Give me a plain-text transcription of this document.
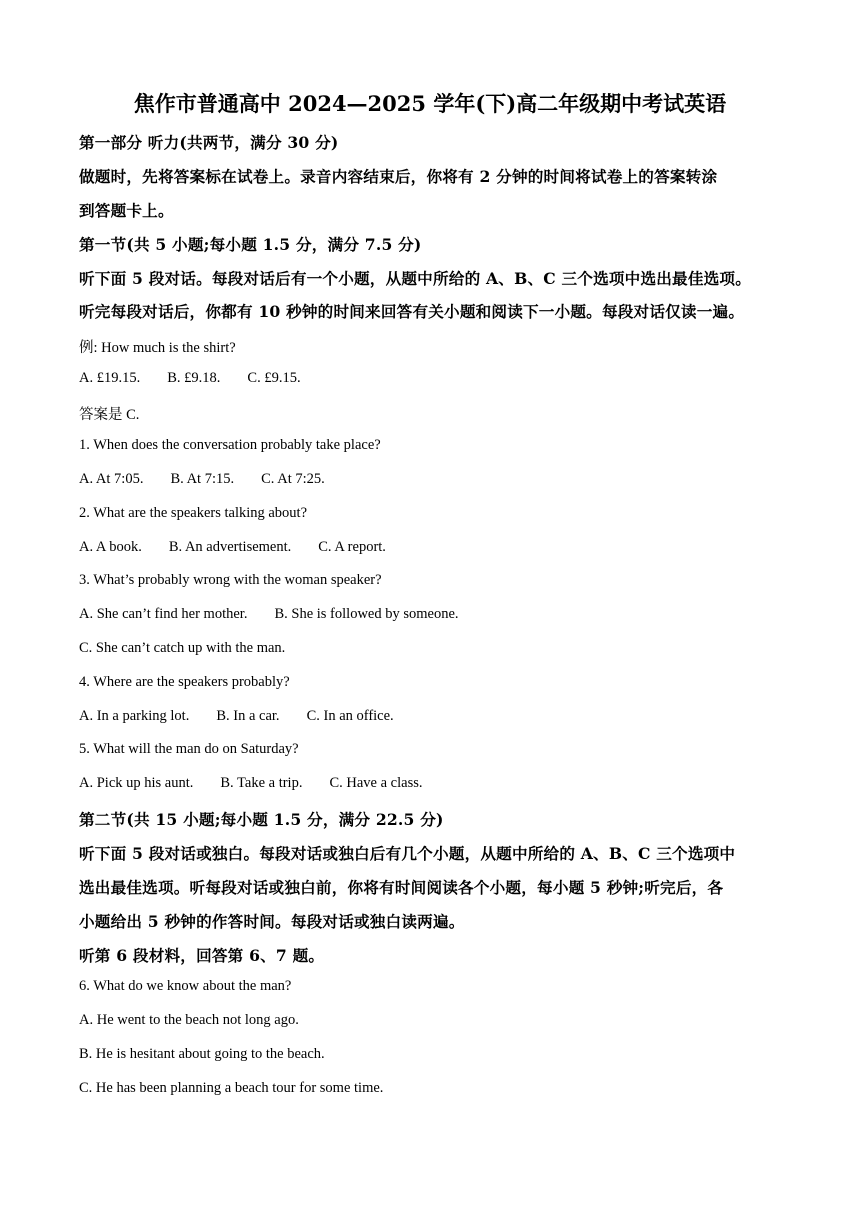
焦作市普通高中 2024—2025 学年(下)高二年级期中考试英语
第一部分 听力(共两节，满分 30 分)
做题时，先将答案标在试卷上。录音内容结束后，你将有 2 分钟的时间将试卷上的答案转涂
到答题卡上。
第一节(共 5 小题;每小题 1.5 分，满分 7.5 分)
听下面 5 段对话。每段对话后有一个小题，从题中所给的 A、B、C 三个选项中选出最佳选项。
听完每段对话后，你都有 10 秒钟的时间来回答有关小题和阅读下一小题。每段对话仅读一遍。
例: How much is the shirt?
A. £19.15. B. £9.18. C. £9.15.
答案是 C.
1. When does the conversation probably take place?
A. At 7:05. B. At 7:15. C. At 7:25.
2. What are the speakers talking about?
A. A book. B. An advertisement. C. A report.
3. What’s probably wrong with the woman speaker?
A. She can’t find her mother. B. She is followed by someone.
C. She can’t catch up with the man.
4. Where are the speakers probably?
A. In a parking lot. B. In a car. C. In an office.
5. What will the man do on Saturday?
A. Pick up his aunt. B. Take a trip. C. Have a class.
第二节(共 15 小题;每小题 1.5 分，满分 22.5 分)
听下面 5 段对话或独白。每段对话或独白后有几个小题，从题中所给的 A、B、C 三个选项中
选出最佳选项。听每段对话或独白前，你将有时间阅读各个小题，每小题 5 秒钟;听完后，各
小题给出 5 秒钟的作答时间。每段对话或独白读两遍。
听第 6 段材料，回答第 6、7 题。
6. What do we know about the man?
A. He went to the beach not long ago.
B. He is hesitant about going to the beach.
C. He has been planning a beach tour for some time.
